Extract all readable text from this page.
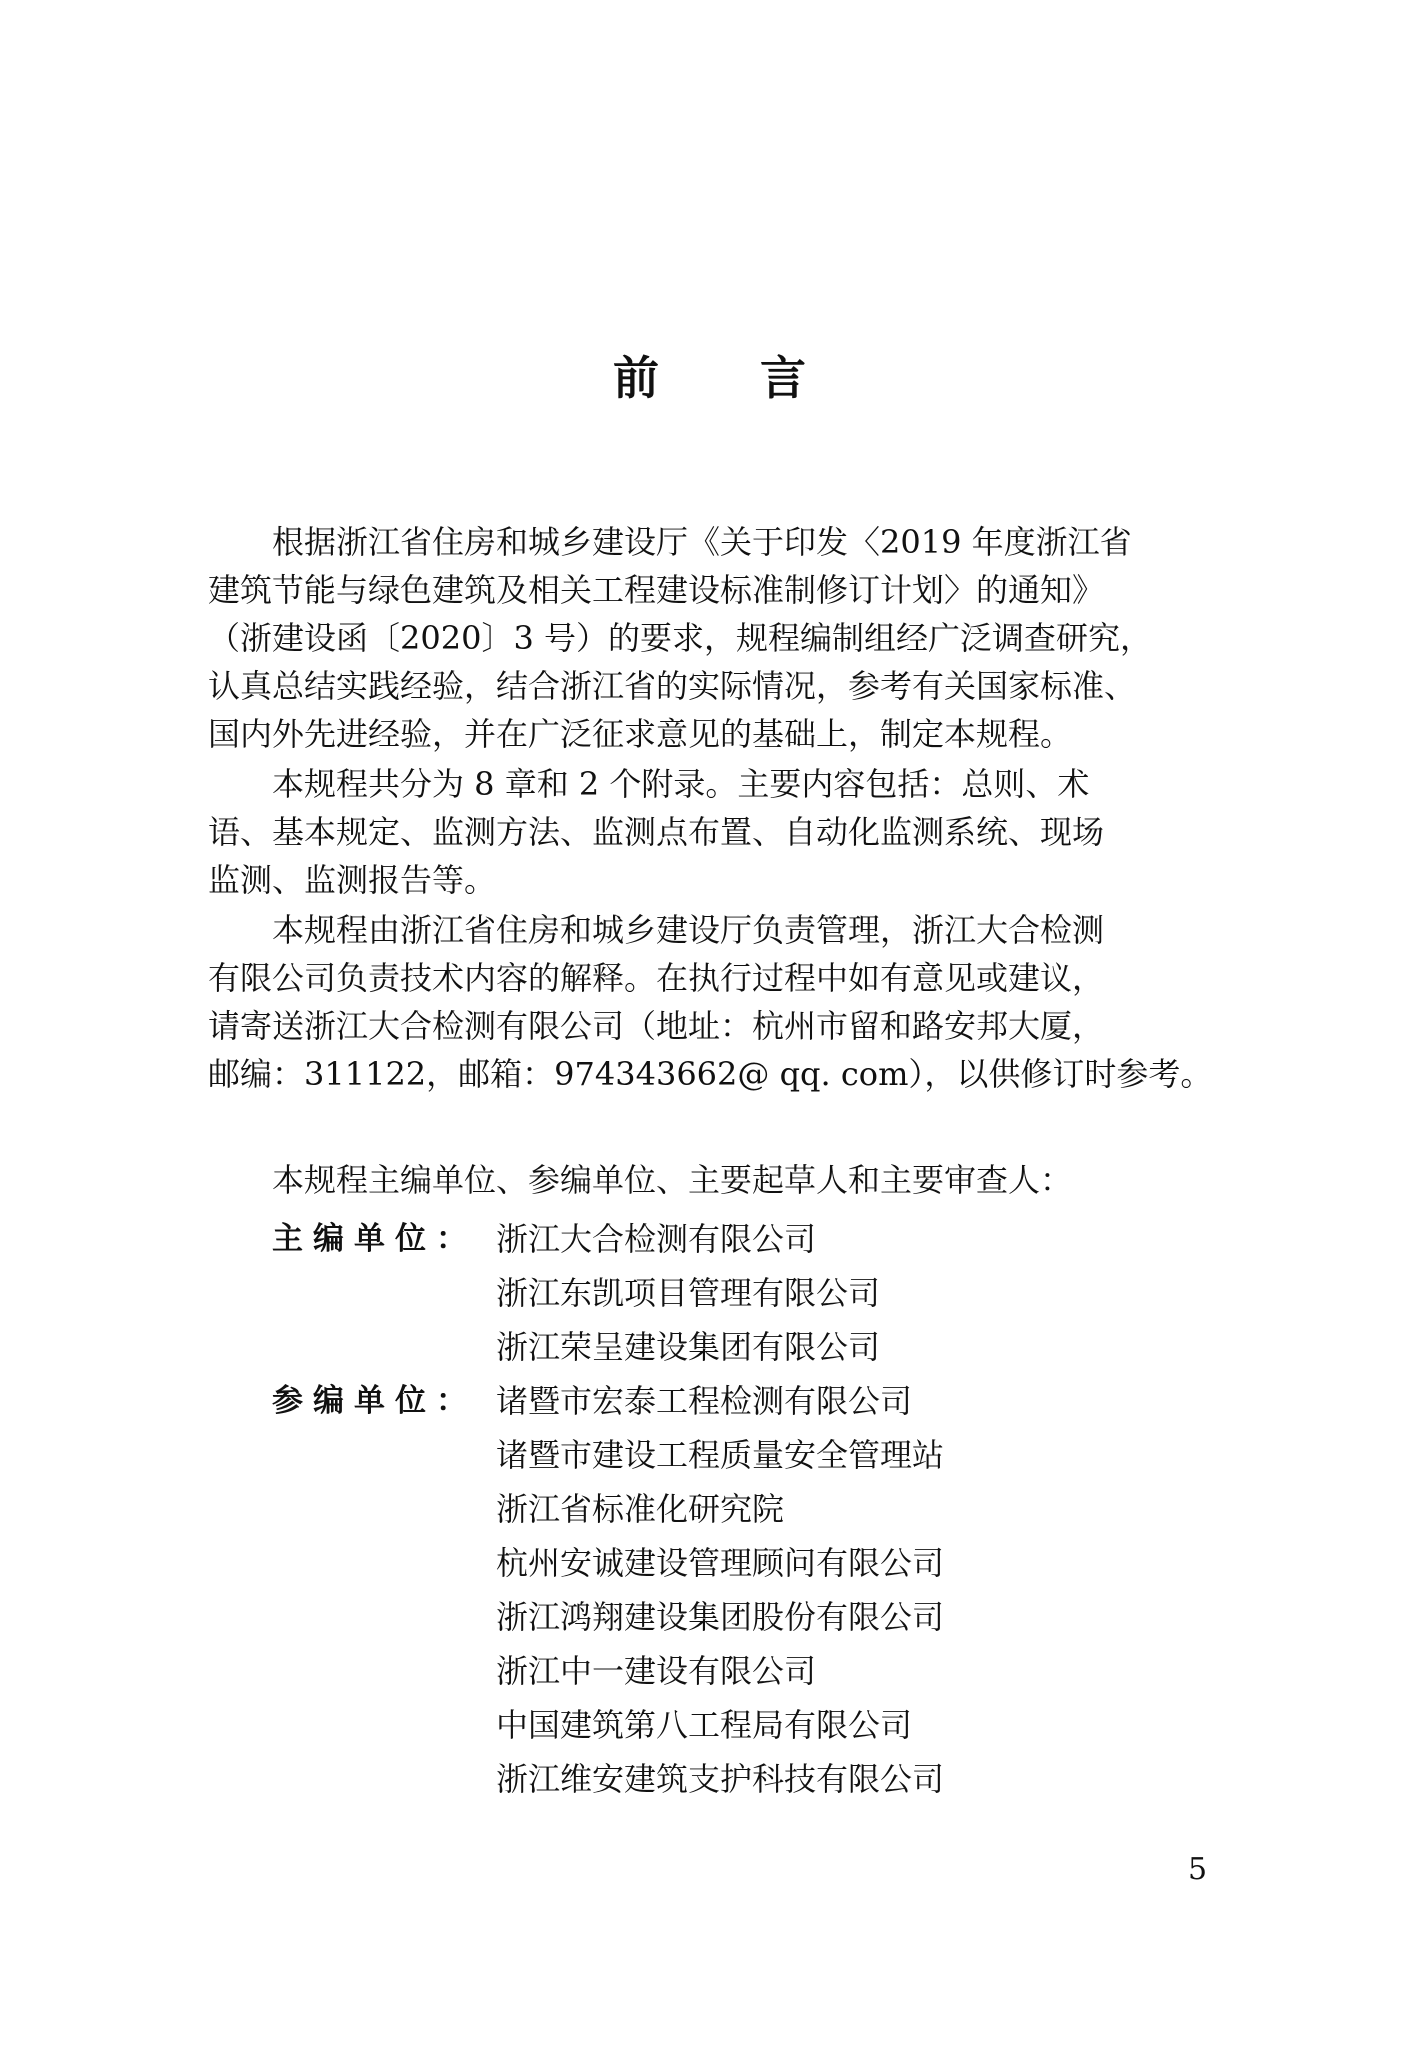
前 言
根据浙江省住房和城乡建设厅《关于印发〈2019 年度浙江省
建筑节能与绿色建筑及相关工程建设标准制修订计划〉的通知》
（浙建设函〔2020〕3 号）的要求，规程编制组经广泛调查研究，
认真总结实践经验，结合浙江省的实际情况，参考有关国家标准、
国内外先进经验，并在广泛征求意见的基础上，制定本规程。
本规程共分为 8 章和 2 个附录。主要内容包括：总则、术
语、基本规定、监测方法、监测点布置、自动化监测系统、现场
监测、监测报告等。
本规程由浙江省住房和城乡建设厅负责管理，浙江大合检测
有限公司负责技术内容的解释。在执行过程中如有意见或建议，
请寄送浙江大合检测有限公司（地址：杭州市留和路安邦大厦，
邮编：311122，邮箱：974343662@ qq. com），以供修订时参考。
本规程主编单位、参编单位、主要起草人和主要审查人：
主编单位： 浙江大合检测有限公司
浙江东凯项目管理有限公司
浙江荣呈建设集团有限公司
参编单位： 诸暨市宏泰工程检测有限公司
诸暨市建设工程质量安全管理站
浙江省标准化研究院
杭州安诚建设管理顾问有限公司
浙江鸿翔建设集团股份有限公司
浙江中一建设有限公司
中国建筑第八工程局有限公司
浙江维安建筑支护科技有限公司
5
